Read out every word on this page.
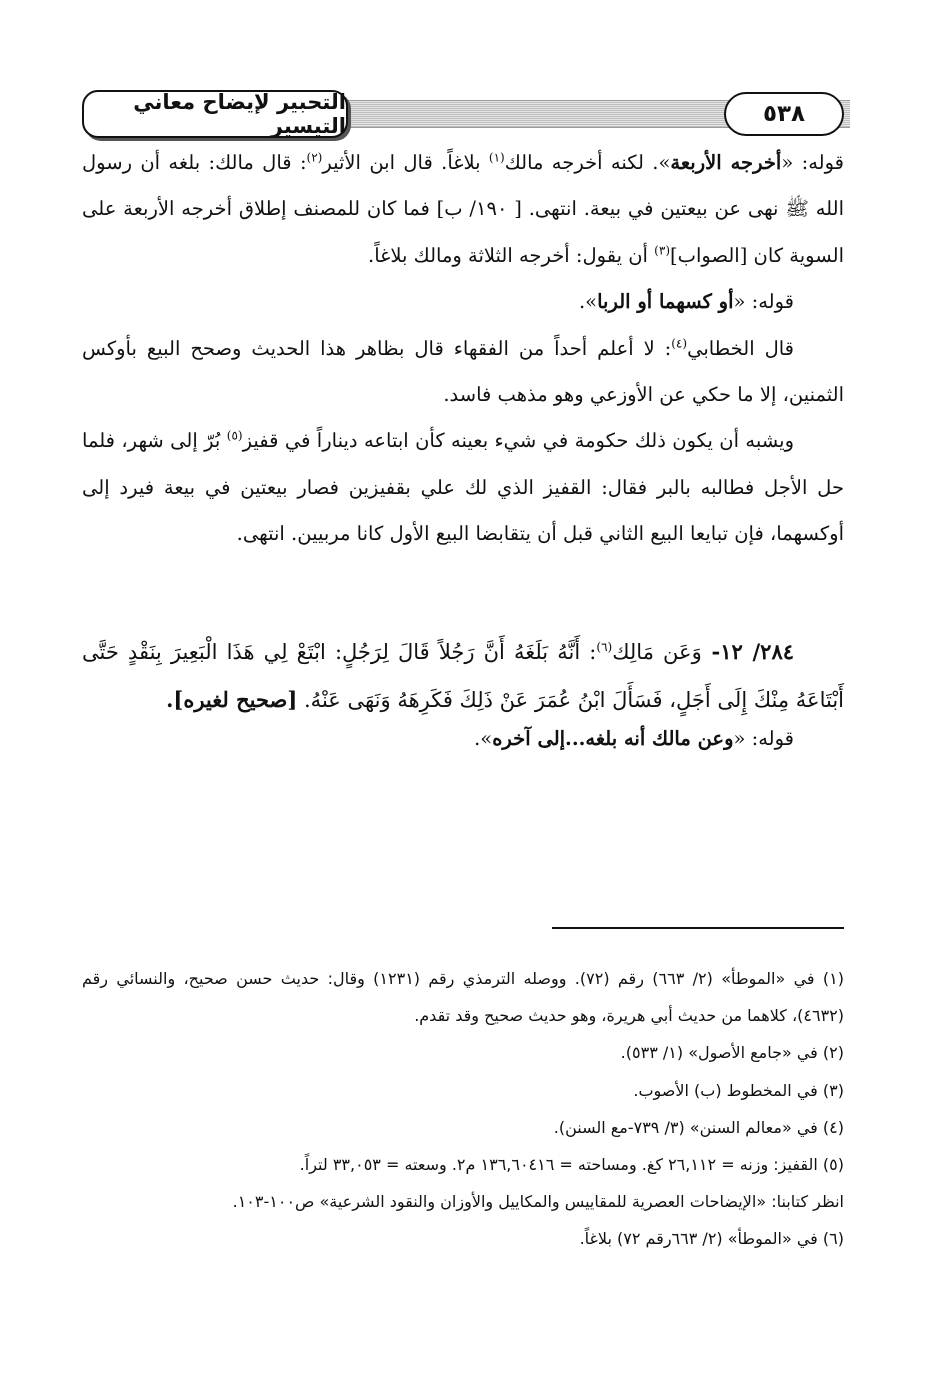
التحبير لإيضاح معاني التيسير	٥٣٨

قوله: «أخرجه الأربعة». لكنه أخرجه مالك$^{(١)}$ بلاغاً. قال ابن الأثير$^{(٢)}$: قال مالك: بلغه أن رسول الله ﷺ نهى عن بيعتين في بيعة. انتهى. [ ١٩٠/ ب] فما كان للمصنف إطلاق أخرجه الأربعة على السوية كان [الصواب]$^{(٣)}$ أن يقول: أخرجه الثلاثة ومالك بلاغاً.

قوله: «أو كسهما أو الربا».

قال الخطابي$^{(٤)}$: لا أعلم أحداً من الفقهاء قال بظاهر هذا الحديث وصحح البيع بأوكس الثمنين، إلا ما حكي عن الأوزعي وهو مذهب فاسد.

ويشبه أن يكون ذلك حكومة في شيء بعينه كأن ابتاعه ديناراً في قفيز$^{(٥)}$ بُرّ إلى شهر، فلما حل الأجل فطالبه بالبر فقال: القفيز الذي لك علي بقفيزين فصار بيعتين في بيعة فيرد إلى أوكسهما، فإن تبايعا البيع الثاني قبل أن يتقابضا البيع الأول كانا مربيين. انتهى.

٢٨٤/ ١٢- وَعَن مَالِك$^{(٦)}$: أَنَّهُ بَلَغَهُ أَنَّ رَجُلاً قَالَ لِرَجُلٍ: ابْتَعْ لِي هَذَا الْبَعِيرَ بِنَقْدٍ حَتَّى أَبْتَاعَهُ مِنْكَ إِلَى أَجَلٍ، فَسَأَلَ ابْنُ عُمَرَ عَنْ ذَلِكَ فَكَرِهَهُ وَنَهَى عَنْهُ. [صحيح لغيره].

قوله: «وعن مالك أنه بلغه...إلى آخره».

(١) في «الموطأ» (٢/ ٦٦٣) رقم (٧٢). ووصله الترمذي رقم (١٢٣١) وقال: حديث حسن صحيح، والنسائي رقم (٤٦٣٢)، كلاهما من حديث أبي هريرة، وهو حديث صحيح وقد تقدم.

(٢) في «جامع الأصول» (١/ ٥٣٣).

(٣) في المخطوط (ب) الأصوب.

(٤) في «معالم السنن» (٣/ ٧٣٩-مع السنن).

(٥) القفيز: وزنه = ٢٦,١١٢ كغ. ومساحته = ١٣٦,٦٠٤١٦ م٢. وسعته = ٣٣,٠٥٣ لتراً.

انظر كتابنا: «الإيضاحات العصرية للمقاييس والمكاييل والأوزان والنقود الشرعية» ص١٠٠-١٠٣.

(٦) في «الموطأ» (٢/ ٦٦٣رقم ٧٢) بلاغاً.
